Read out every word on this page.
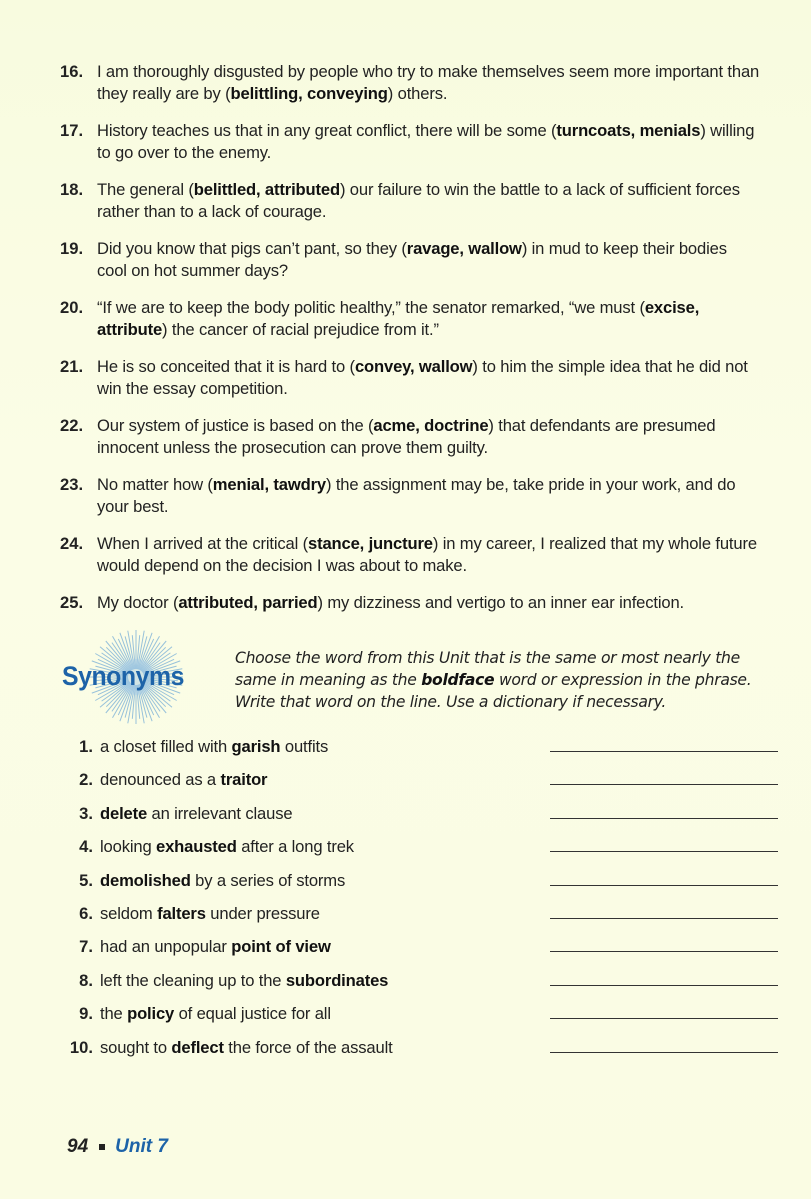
16. I am thoroughly disgusted by people who try to make themselves seem more important than they really are by (belittling, conveying) others.
17. History teaches us that in any great conflict, there will be some (turncoats, menials) willing to go over to the enemy.
18. The general (belittled, attributed) our failure to win the battle to a lack of sufficient forces rather than to a lack of courage.
19. Did you know that pigs can’t pant, so they (ravage, wallow) in mud to keep their bodies cool on hot summer days?
20. “If we are to keep the body politic healthy,” the senator remarked, “we must (excise, attribute) the cancer of racial prejudice from it.”
21. He is so conceited that it is hard to (convey, wallow) to him the simple idea that he did not win the essay competition.
22. Our system of justice is based on the (acme, doctrine) that defendants are presumed innocent unless the prosecution can prove them guilty.
23. No matter how (menial, tawdry) the assignment may be, take pride in your work, and do your best.
24. When I arrived at the critical (stance, juncture) in my career, I realized that my whole future would depend on the decision I was about to make.
25. My doctor (attributed, parried) my dizziness and vertigo to an inner ear infection.
Synonyms
Choose the word from this Unit that is the same or most nearly the same in meaning as the boldface word or expression in the phrase. Write that word on the line. Use a dictionary if necessary.
1. a closet filled with garish outfits
2. denounced as a traitor
3. delete an irrelevant clause
4. looking exhausted after a long trek
5. demolished by a series of storms
6. seldom falters under pressure
7. had an unpopular point of view
8. left the cleaning up to the subordinates
9. the policy of equal justice for all
10. sought to deflect the force of the assault
94 Unit 7
